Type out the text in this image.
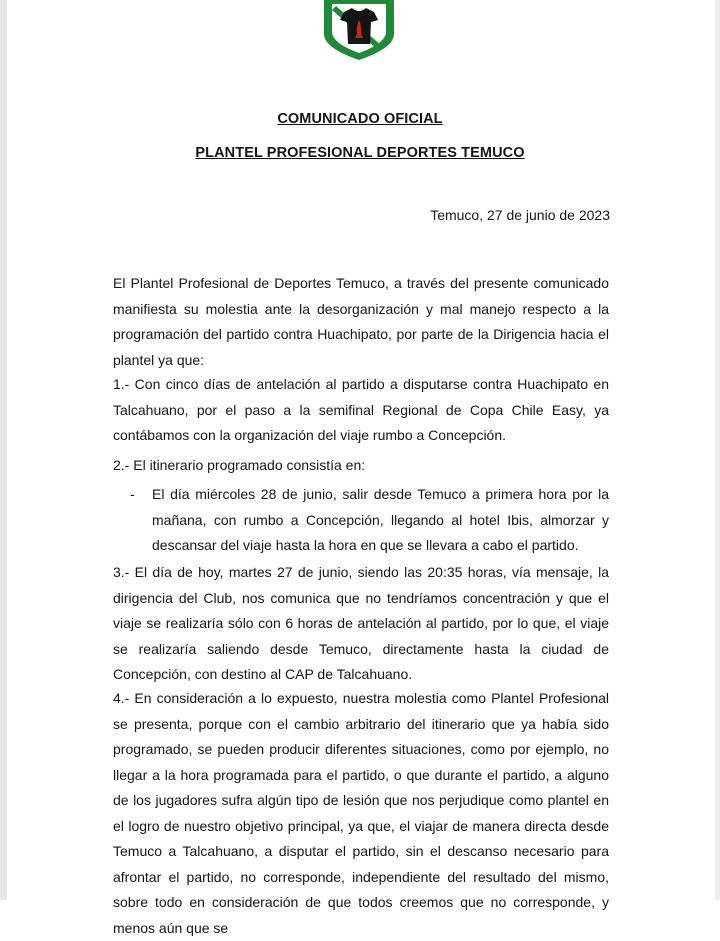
COMUNICADO OFICIAL
PLANTEL PROFESIONAL DEPORTES TEMUCO
Temuco, 27 de junio de 2023

El Plantel Profesional de Deportes Temuco, a través del presente comunicado manifiesta su molestia ante la desorganización y mal manejo respecto a la programación del partido contra Huachipato, por parte de la Dirigencia hacia el plantel ya que:

1.- Con cinco días de antelación al partido a disputarse contra Huachipato en Talcahuano, por el paso a la semifinal Regional de Copa Chile Easy, ya contábamos con la organización del viaje rumbo a Concepción.

2.- El itinerario programado consistía en:

- El día miércoles 28 de junio, salir desde Temuco a primera hora por la mañana, con rumbo a Concepción, llegando al hotel Ibis, almorzar y descansar del viaje hasta la hora en que se llevara a cabo el partido.

3.- El día de hoy, martes 27 de junio, siendo las 20:35 horas, vía mensaje, la dirigencia del Club, nos comunica que no tendríamos concentración y que el viaje se realizaría sólo con 6 horas de antelación al partido, por lo que, el viaje se realizaría saliendo desde Temuco, directamente hasta la ciudad de Concepción, con destino al CAP de Talcahuano.

4.- En consideración a lo expuesto, nuestra molestia como Plantel Profesional se presenta, porque con el cambio arbitrario del itinerario que ya había sido programado, se pueden producir diferentes situaciones, como por ejemplo, no llegar a la hora programada para el partido, o que durante el partido, a alguno de los jugadores sufra algún tipo de lesión que nos perjudique como plantel en el logro de nuestro objetivo principal, ya que, el viajar de manera directa desde Temuco a Talcahuano, a disputar el partido, sin el descanso necesario para afrontar el partido, no corresponde, independiente del resultado del mismo, sobre todo en consideración de que todos creemos que no corresponde, y menos aún que se
